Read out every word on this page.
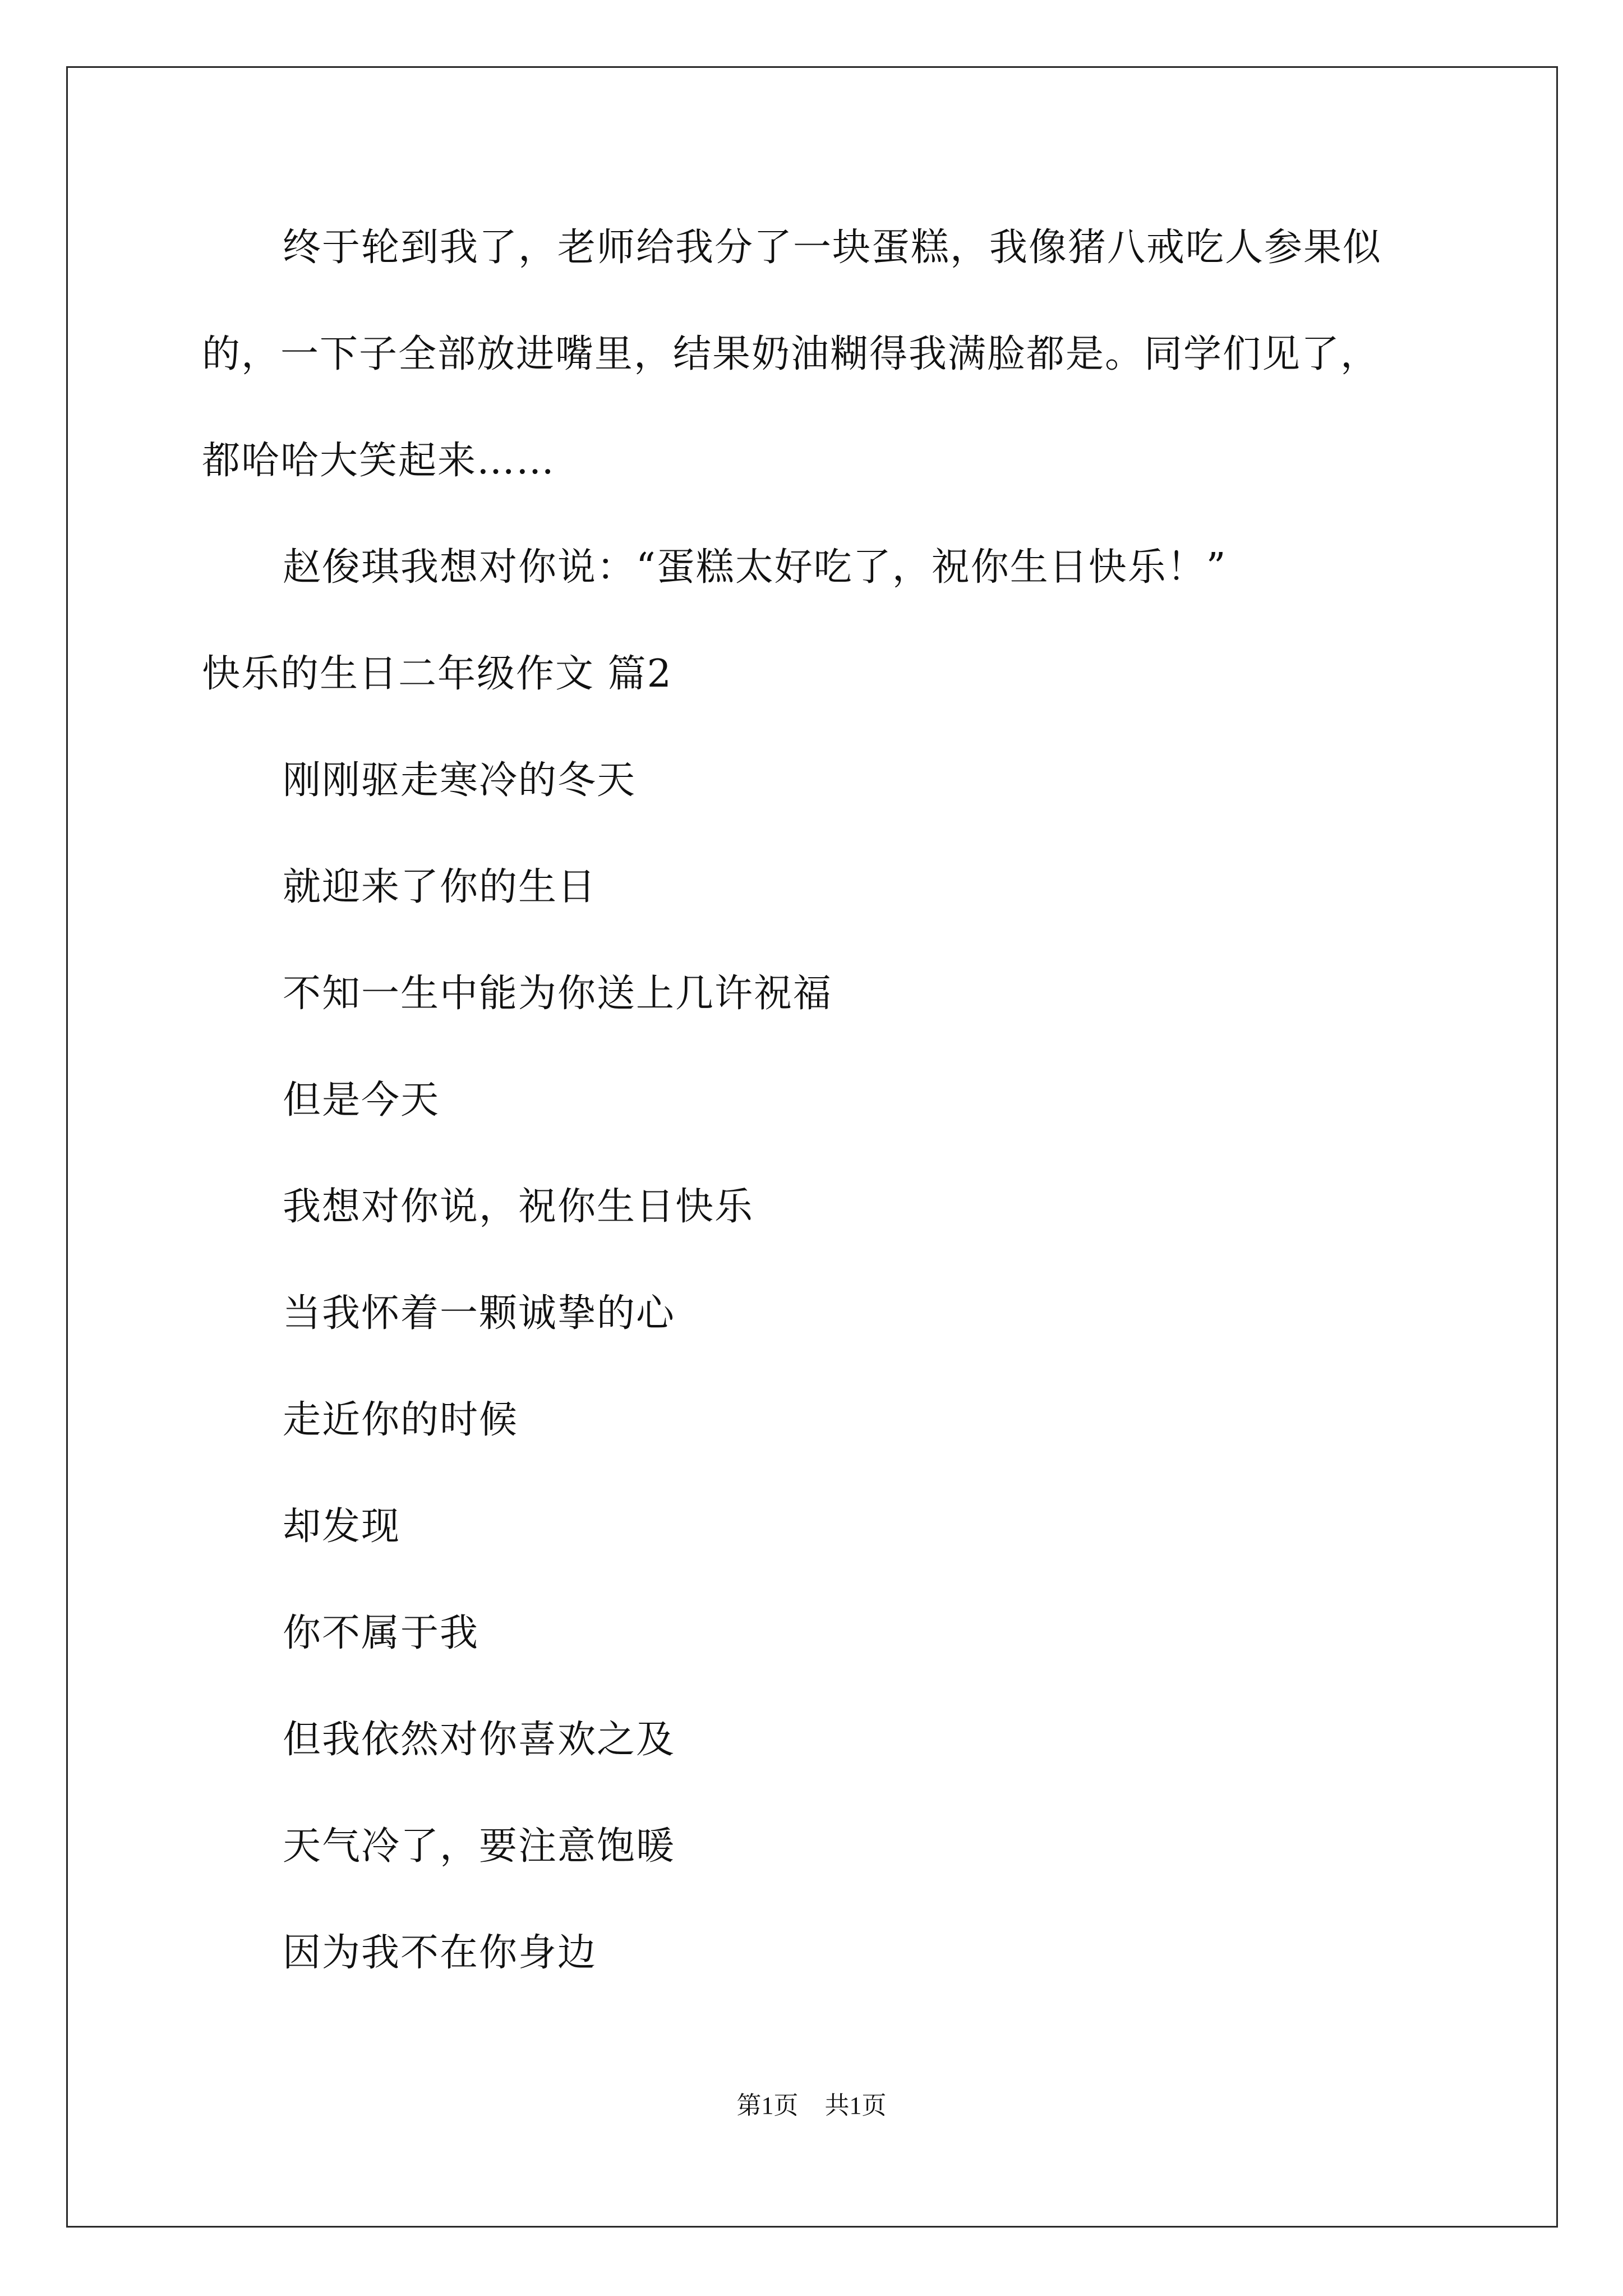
终于轮到我了，老师给我分了一块蛋糕，我像猪八戒吃人参果似
的，一下子全部放进嘴里，结果奶油糊得我满脸都是。同学们见了，
都哈哈大笑起来……
赵俊琪我想对你说：“蛋糕太好吃了，祝你生日快乐！”
快乐的生日二年级作文 篇2
刚刚驱走寒冷的冬天
就迎来了你的生日
不知一生中能为你送上几许祝福
但是今天
我想对你说，祝你生日快乐
当我怀着一颗诚挚的心
走近你的时候
却发现
你不属于我
但我依然对你喜欢之及
天气冷了，要注意饱暖
因为我不在你身边
第1页 共1页
